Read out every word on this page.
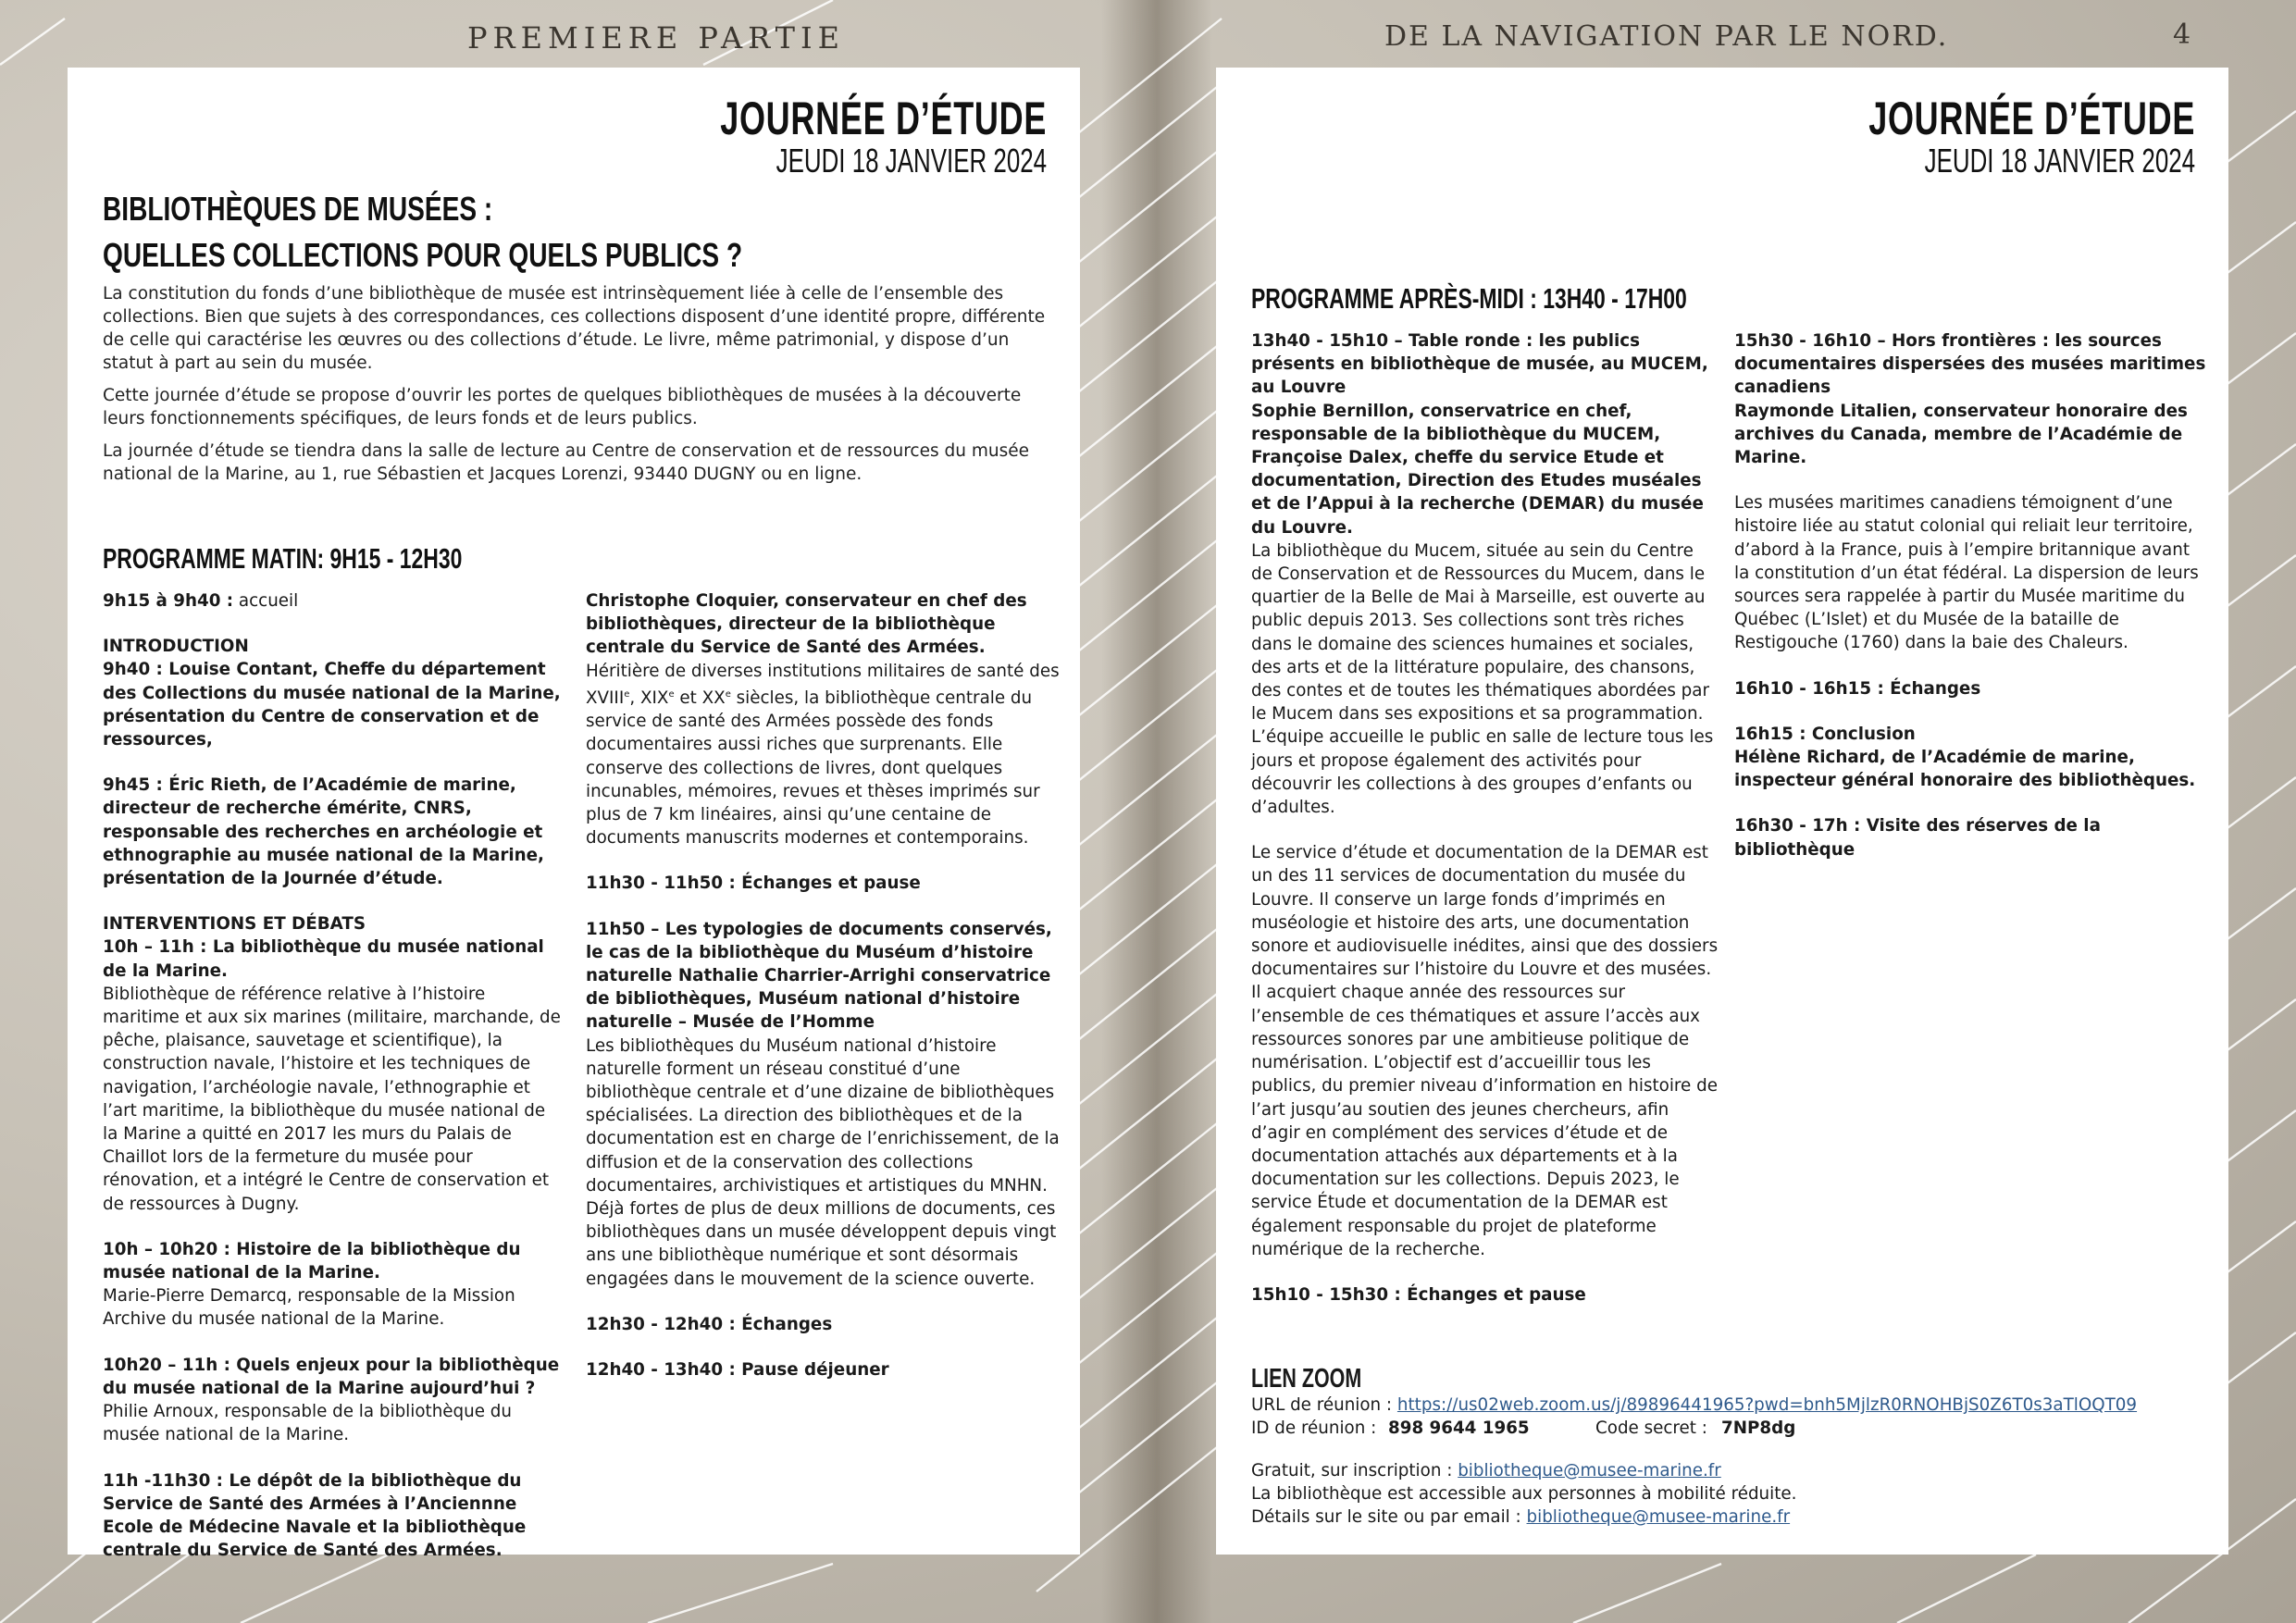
PREMIERE PARTIE	DE LA NAVIGATION PAR LE NORD.	4
JOURNÉE D’ÉTUDE
JEUDI 18 JANVIER 2024
BIBLIOTHÈQUES DE MUSÉES :
QUELLES COLLECTIONS POUR QUELS PUBLICS ?

La constitution du fonds d’une bibliothèque de musée est intrinsèquement liée à celle de l’ensemble des collections. Bien que sujets à des correspondances, ces collections disposent d’une identité propre, différente de celle qui caractérise les œuvres ou des collections d’étude. Le livre, même patrimonial, y dispose d’un statut à part au sein du musée.

Cette journée d’étude se propose d’ouvrir les portes de quelques bibliothèques de musées à la découverte leurs fonctionnements spécifiques, de leurs fonds et de leurs publics.

La journée d’étude se tiendra dans la salle de lecture au Centre de conservation et de ressources du musée national de la Marine, au 1, rue Sébastien et Jacques Lorenzi, 93440 DUGNY ou en ligne.

PROGRAMME MATIN: 9H15 - 12H30

9h15 à 9h40 : accueil

INTRODUCTION

9h40 : Louise Contant, Cheffe du département des Collections du musée national de la Marine, présentation du Centre de conservation et de ressources,

9h45 : Éric Rieth, de l’Académie de marine, directeur de recherche émérite, CNRS, responsable des recherches en archéologie et ethnographie au musée national de la Marine, présentation de la Journée d’étude.

INTERVENTIONS ET DÉBATS

10h – 11h : La bibliothèque du musée national de la Marine.

Bibliothèque de référence relative à l’histoire maritime et aux six marines (militaire, marchande, de pêche, plaisance, sauvetage et scientifique), la construction navale, l’histoire et les techniques de navigation, l’archéologie navale, l’ethnographie et l’art maritime, la bibliothèque du musée national de la Marine a quitté en 2017 les murs du Palais de Chaillot lors de la fermeture du musée pour rénovation, et a intégré le Centre de conservation et de ressources à Dugny.

10h – 10h20 : Histoire de la bibliothèque du musée national de la Marine.

Marie-Pierre Demarcq, responsable de la Mission Archive du musée national de la Marine.

10h20 – 11h : Quels enjeux pour la bibliothèque du musée national de la Marine aujourd’hui ?

Philie Arnoux, responsable de la bibliothèque du musée national de la Marine.

11h -11h30 : Le dépôt de la bibliothèque du Service de Santé des Armées à l’Anciennne Ecole de Médecine Navale et la bibliothèque centrale du Service de Santé des Armées.

Christophe Cloquier, conservateur en chef des bibliothèques, directeur de la bibliothèque centrale du Service de Santé des Armées.

Héritière de diverses institutions militaires de santé des XVIIIe, XIXe et XXe siècles, la bibliothèque centrale du service de santé des Armées possède des fonds documentaires aussi riches que surprenants. Elle conserve des collections de livres, dont quelques incunables, mémoires, revues et thèses imprimés sur plus de 7 km linéaires, ainsi qu’une centaine de documents manuscrits modernes et contemporains.

11h30 - 11h50 : Échanges et pause

11h50 – Les typologies de documents conservés, le cas de la bibliothèque du Muséum d’histoire naturelle Nathalie Charrier-Arrighi conservatrice de bibliothèques, Muséum national d’histoire naturelle – Musée de l’Homme

Les bibliothèques du Muséum national d’histoire naturelle forment un réseau constitué d’une bibliothèque centrale et d’une dizaine de bibliothèques spécialisées. La direction des bibliothèques et de la documentation est en charge de l’enrichissement, de la diffusion et de la conservation des collections documentaires, archivistiques et artistiques du MNHN.

Déjà fortes de plus de deux millions de documents, ces bibliothèques dans un musée développent depuis vingt ans une bibliothèque numérique et sont désormais engagées dans le mouvement de la science ouverte.

12h30 - 12h40 : Échanges

12h40 - 13h40 : Pause déjeuner

JOURNÉE D’ÉTUDE
JEUDI 18 JANVIER 2024
PROGRAMME APRÈS-MIDI : 13H40 - 17H00

13h40 - 15h10 – Table ronde : les publics présents en bibliothèque de musée, au MUCEM, au Louvre

Sophie Bernillon, conservatrice en chef, responsable de la bibliothèque du MUCEM, Françoise Dalex, cheffe du service Etude et documentation, Direction des Etudes muséales et de l’Appui à la recherche (DEMAR) du musée du Louvre.

La bibliothèque du Mucem, située au sein du Centre de Conservation et de Ressources du Mucem, dans le quartier de la Belle de Mai à Marseille, est ouverte au public depuis 2013. Ses collections sont très riches dans le domaine des sciences humaines et sociales, des arts et de la littérature populaire, des chansons, des contes et de toutes les thématiques abordées par le Mucem dans ses expositions et sa programmation. L’équipe accueille le public en salle de lecture tous les jours et propose également des activités pour découvrir les collections à des groupes d’enfants ou d’adultes.

Le service d’étude et documentation de la DEMAR est un des 11 services de documentation du musée du Louvre. Il conserve un large fonds d’imprimés en muséologie et histoire des arts, une documentation sonore et audiovisuelle inédites, ainsi que des dossiers documentaires sur l’histoire du Louvre et des musées. Il acquiert chaque année des ressources sur l’ensemble de ces thématiques et assure l’accès aux ressources sonores par une ambitieuse politique de numérisation. L’objectif est d’accueillir tous les publics, du premier niveau d’information en histoire de l’art jusqu’au soutien des jeunes chercheurs, afin d’agir en complément des services d’étude et de documentation attachés aux départements et à la documentation sur les collections. Depuis 2023, le service Étude et documentation de la DEMAR est également responsable du projet de plateforme numérique de la recherche.

15h10 - 15h30 : Échanges et pause

15h30 - 16h10 – Hors frontières : les sources documentaires dispersées des musées maritimes canadiens

Raymonde Litalien, conservateur honoraire des archives du Canada, membre de l’Académie de Marine.

Les musées maritimes canadiens témoignent d’une histoire liée au statut colonial qui reliait leur territoire, d’abord à la France, puis à l’empire britannique avant la constitution d’un état fédéral. La dispersion de leurs sources sera rappelée à partir du Musée maritime du Québec (L’Islet) et du Musée de la bataille de Restigouche (1760) dans la baie des Chaleurs.

16h10 - 16h15 : Échanges

16h15 : Conclusion

Hélène Richard, de l’Académie de marine, inspecteur général honoraire des bibliothèques.

16h30 - 17h : Visite des réserves de la bibliothèque

LIEN ZOOM
URL de réunion : https://us02web.zoom.us/j/89896441965?pwd=bnh5MjlzR0RNOHBjS0Z6T0s3aTlOQT09
ID de réunion : 898 9644 1965	Code secret : 7NP8dg
Gratuit, sur inscription : bibliotheque@musee-marine.fr
La bibliothèque est accessible aux personnes à mobilité réduite.
Détails sur le site ou par email : bibliotheque@musee-marine.fr
